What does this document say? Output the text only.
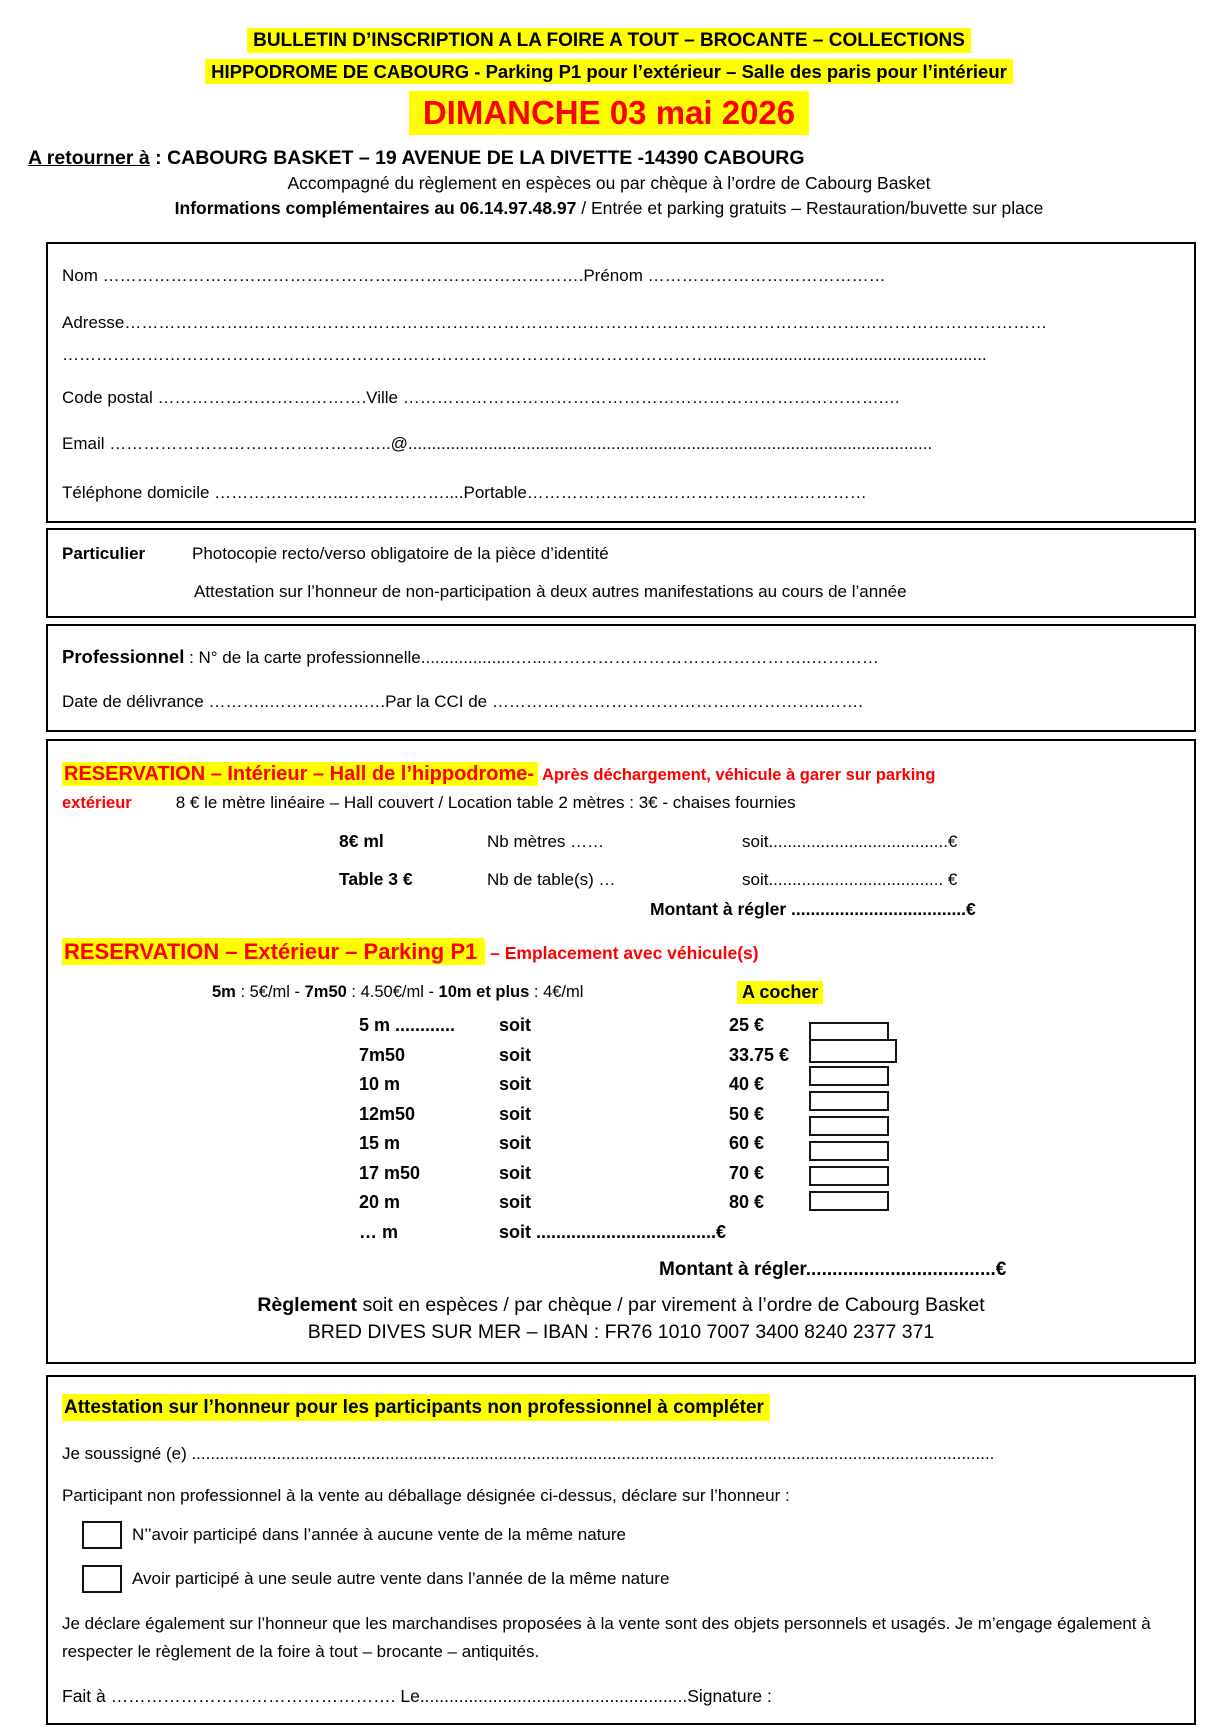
BULLETIN D’INSCRIPTION A LA FOIRE A TOUT – BROCANTE – COLLECTIONS
HIPPODROME DE CABOURG - Parking P1 pour l’extérieur – Salle des paris pour l’intérieur
DIMANCHE 03 mai 2026
A retourner à : CABOURG BASKET – 19 AVENUE DE LA DIVETTE -14390 CABOURG
Accompagné du règlement en espèces ou par chèque à l’ordre de Cabourg Basket
Informations complémentaires au 06.14.97.48.97 / Entrée et parking gratuits – Restauration/buvette sur place
Nom ………………………………………………………………………….Prénom ……………………………………
Adresse………………….……………………………………………………………………………………………………………………………
……………………………………………………………………………………………………...........................................................
Code postal ……………………………….Ville ………………………………………………………………………….…
Email …………………………………………..@...............................................................................................................
Téléphone domicile …………………..………………....Portable……………………………………………………
Particulier	Photocopie recto/verso obligatoire de la pièce d’identité
Attestation sur l’honneur de non-participation à deux autres manifestations au cours de l’année
Professionnel : N° de la carte professionnelle....................…...………………………………………..…………
Date de délivrance ………..……………..….Par la CCI de …………………………………………………..…….
RESERVATION – Intérieur – Hall de l’hippodrome- Après déchargement, véhicule à garer sur parking
extérieur	8 € le mètre linéaire – Hall couvert / Location table 2 mètres : 3€ - chaises fournies
8€ ml	Nb mètres ……	soit......................................€
Table 3 €	Nb de table(s) …	soit..................................... €
Montant à régler ....................................€
RESERVATION – Extérieur – Parking P1 – Emplacement avec véhicule(s)
5m : 5€/ml - 7m50 : 4.50€/ml - 10m et plus : 4€/ml	A cocher
5 m ............ soit	25 €
7m50	soit	33.75 €
10 m	soit	40 €
12m50	soit	50 €
15 m	soit	60 €
17 m50	soit	70 €
20 m	soit	80 €
… m	soit ....................................€
Montant à régler....................................€
Règlement soit en espèces / par chèque / par virement à l’ordre de Cabourg Basket
BRED DIVES SUR MER – IBAN : FR76 1010 7007 3400 8240 2377 371
Attestation sur l’honneur pour les participants non professionnel à compléter
Je soussigné (e) ..........................................................................................................................................................................
Participant non professionnel à la vente au déballage désignée ci-dessus, déclare sur l’honneur :
N’’avoir participé dans l’année à aucune vente de la même nature
Avoir participé à une seule autre vente dans l’année de la même nature
Je déclare également sur l’honneur que les marchandises proposées à la vente sont des objets personnels et usagés. Je m’engage également à respecter le règlement de la foire à tout – brocante – antiquités.
Fait à …………………………………………. Le.......................................................Signature :
